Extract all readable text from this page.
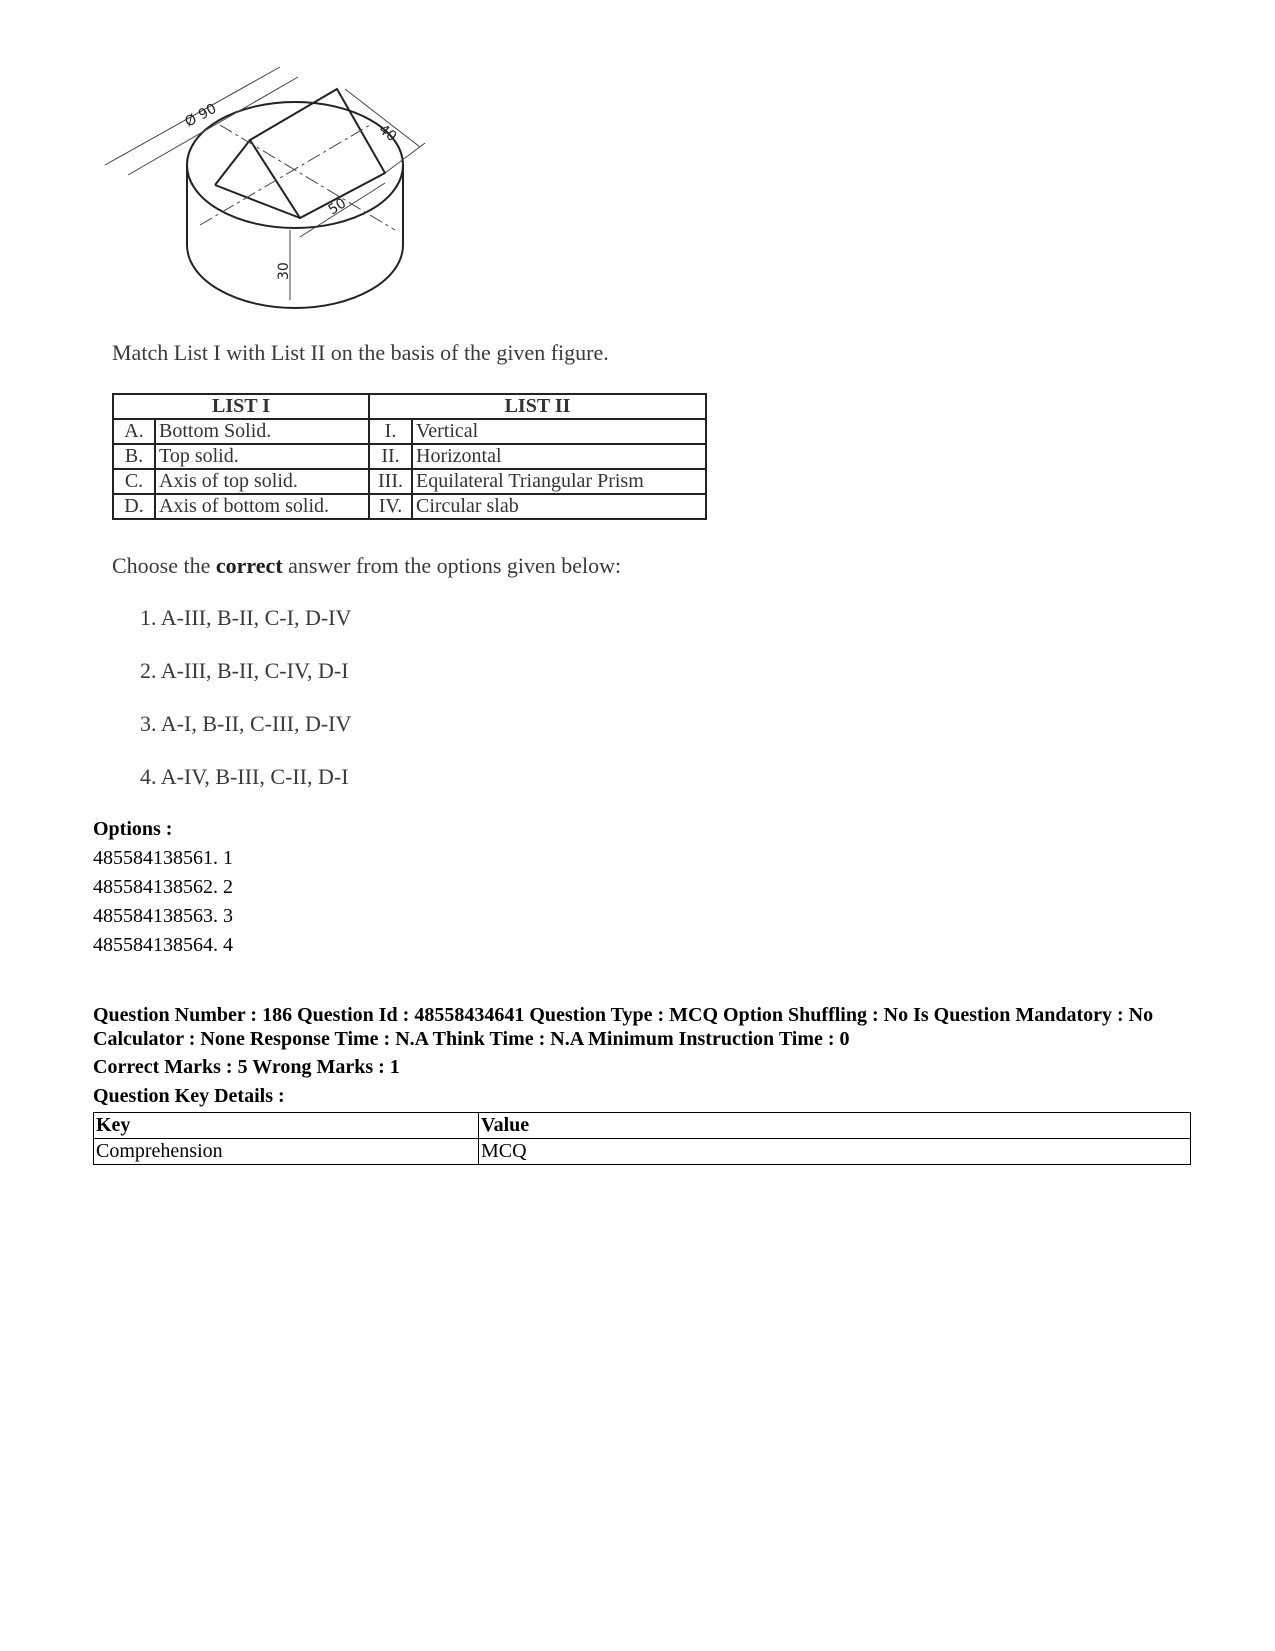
Ø 90
40
50
30
Match List I with List II on the basis of the given figure.
LIST I		LIST II	
A.	Bottom Solid.	I.	Vertical
B.	Top solid.	II.	Horizontal
C.	Axis of top solid.	III.	Equilateral Triangular Prism
D.	Axis of bottom solid.	IV.	Circular slab
Choose the correct answer from the options given below:
1. A-III, B-II, C-I, D-IV
2. A-III, B-II, C-IV, D-I
3. A-I, B-II, C-III, D-IV
4. A-IV, B-III, C-II, D-I
Options :
485584138561. 1
485584138562. 2
485584138563. 3
485584138564. 4
Question Number : 186 Question Id : 48558434641 Question Type : MCQ Option Shuffling : No Is Question Mandatory : No Calculator : None Response Time : N.A Think Time : N.A Minimum Instruction Time : 0
Correct Marks : 5 Wrong Marks : 1
Question Key Details :
Key	Value
Comprehension	MCQ
